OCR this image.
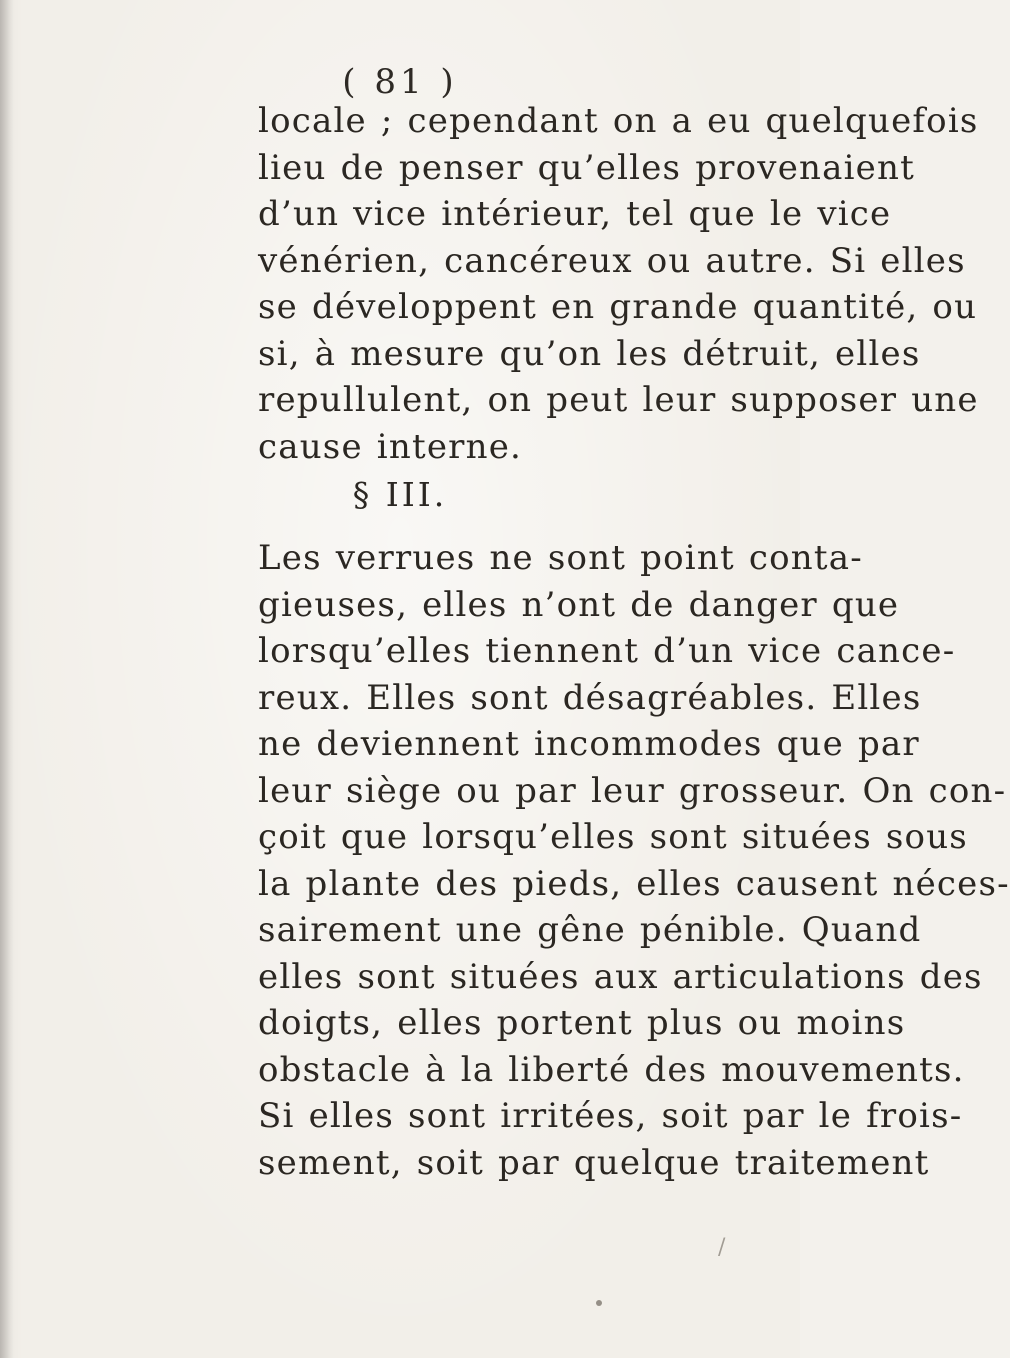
( 81 )

locale ; cependant on a eu quelquefois
lieu de penser qu’elles provenaient
d’un vice intérieur, tel que le vice
vénérien, cancéreux ou autre. Si elles
se développent en grande quantité, ou
si, à mesure qu’on les détruit, elles
repullulent, on peut leur supposer une
cause interne.

§ III.

Les verrues ne sont point conta-
gieuses, elles n’ont de danger que
lorsqu’elles tiennent d’un vice cance-
reux. Elles sont désagréables. Elles
ne deviennent incommodes que par
leur siège ou par leur grosseur. On con-
çoit que lorsqu’elles sont situées sous
la plante des pieds, elles causent néces-
sairement une gêne pénible. Quand
elles sont situées aux articulations des
doigts, elles portent plus ou moins
obstacle à la liberté des mouvements.
Si elles sont irritées, soit par le frois-
sement, soit par quelque traitement

/
